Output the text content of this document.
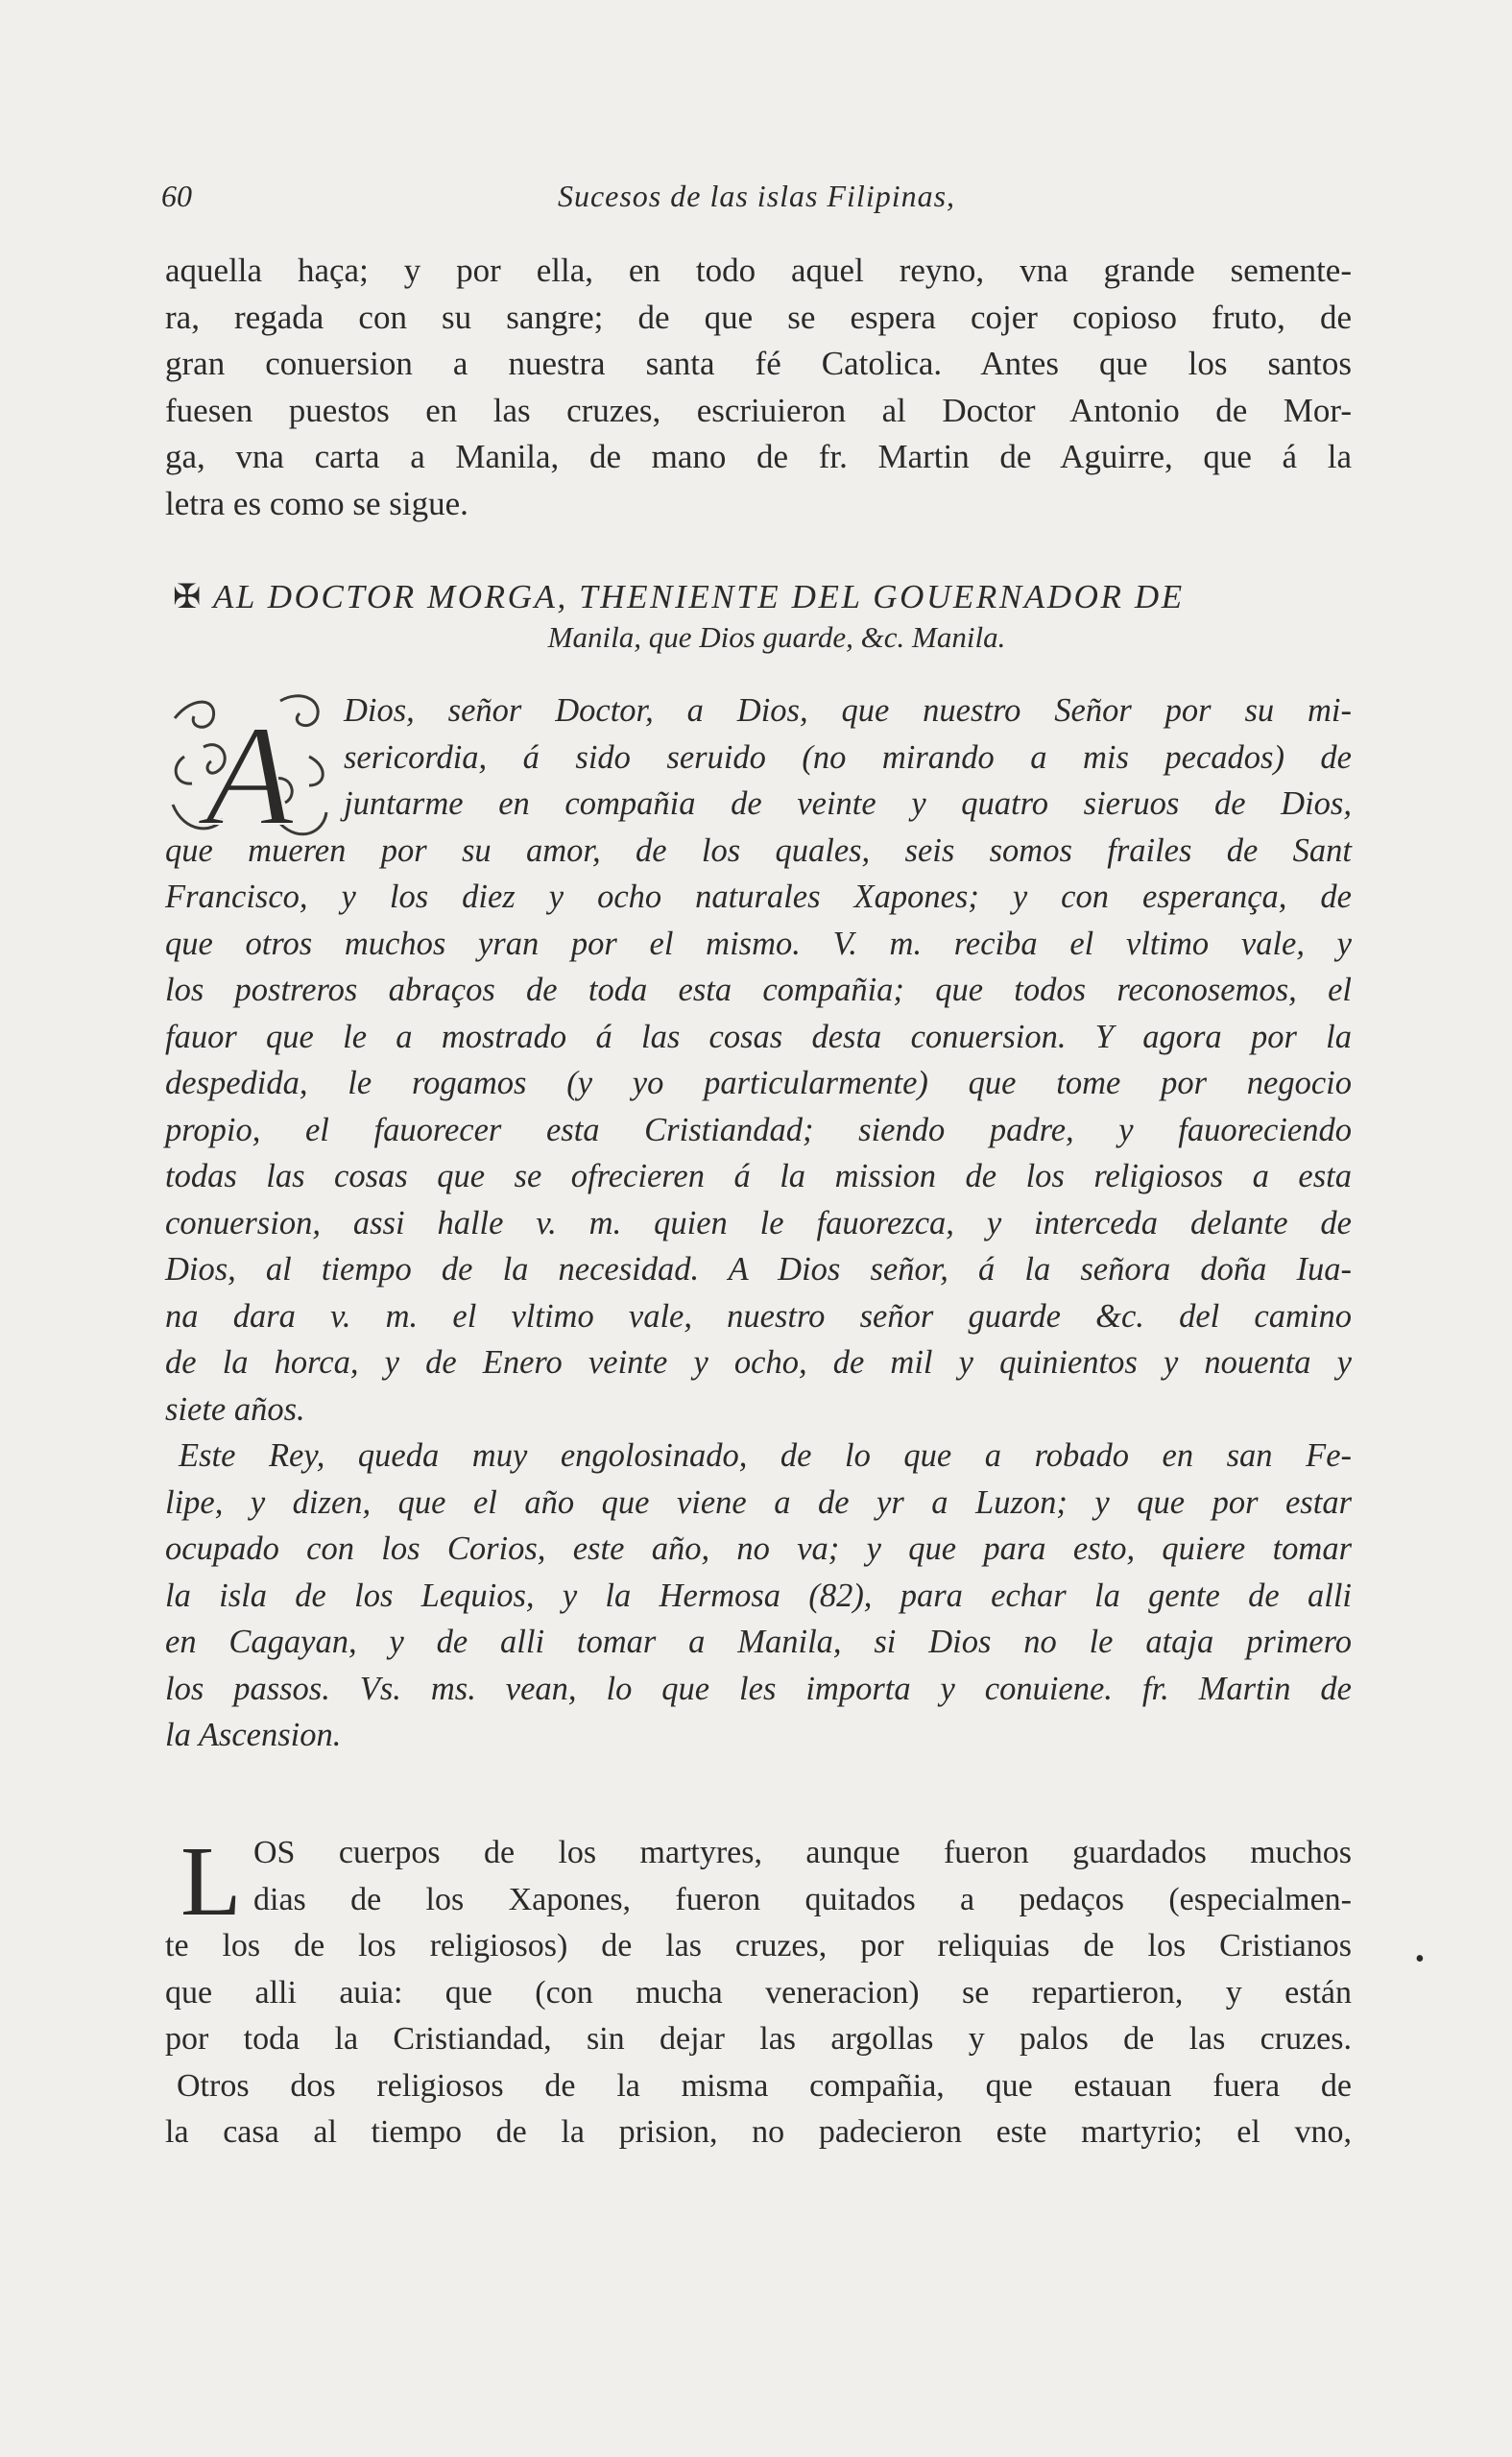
60	Sucesos de las islas Filipinas,
aquella haça; y por ella, en todo aquel reyno, vna grande semente-
ra, regada con su sangre; de que se espera cojer copioso fruto, de
gran conuersion a nuestra santa fé Catolica. Antes que los santos
fuesen puestos en las cruzes, escriuieron al Doctor Antonio de Mor-
ga, vna carta a Manila, de mano de fr. Martin de Aguirre, que á la
letra es como se sigue.
✠ AL DOCTOR MORGA, THENIENTE DEL GOUERNADOR DE
Manila, que Dios guarde, &c. Manila.
A	Dios, señor Doctor, a Dios, que nuestro Señor por su mi-
sericordia, á sido seruido (no mirando a mis pecados) de
juntarme en compañia de veinte y quatro sieruos de Dios,
que mueren por su amor, de los quales, seis somos frailes de Sant
Francisco, y los diez y ocho naturales Xapones; y con esperança, de
que otros muchos yran por el mismo. V. m. reciba el vltimo vale, y
los postreros abraços de toda esta compañia; que todos reconosemos, el
fauor que le a mostrado á las cosas desta conuersion. Y agora por la
despedida, le rogamos (y yo particularmente) que tome por negocio
propio, el fauorecer esta Cristiandad; siendo padre, y fauoreciendo
todas las cosas que se ofrecieren á la mission de los religiosos a esta
conuersion, assi halle v. m. quien le fauorezca, y interceda delante de
Dios, al tiempo de la necesidad. A Dios señor, á la señora doña Iua-
na dara v. m. el vltimo vale, nuestro señor guarde &c. del camino
de la horca, y de Enero veinte y ocho, de mil y quinientos y nouenta y
siete años.
Este Rey, queda muy engolosinado, de lo que a robado en san Fe-
lipe, y dizen, que el año que viene a de yr a Luzon; y que por estar
ocupado con los Corios, este año, no va; y que para esto, quiere tomar
la isla de los Lequios, y la Hermosa (82), para echar la gente de alli
en Cagayan, y de alli tomar a Manila, si Dios no le ataja primero
los passos. Vs. ms. vean, lo que les importa y conuiene. fr. Martin de
la Ascension.
L OS cuerpos de los martyres, aunque fueron guardados muchos
dias de los Xapones, fueron quitados a pedaços (especialmen-
te los de los religiosos) de las cruzes, por reliquias de los Cristianos
que alli auia: que (con mucha veneracion) se repartieron, y están
por toda la Cristiandad, sin dejar las argollas y palos de las cruzes.
Otros dos religiosos de la misma compañia, que estauan fuera de
la casa al tiempo de la prision, no padecieron este martyrio; el vno,
•
